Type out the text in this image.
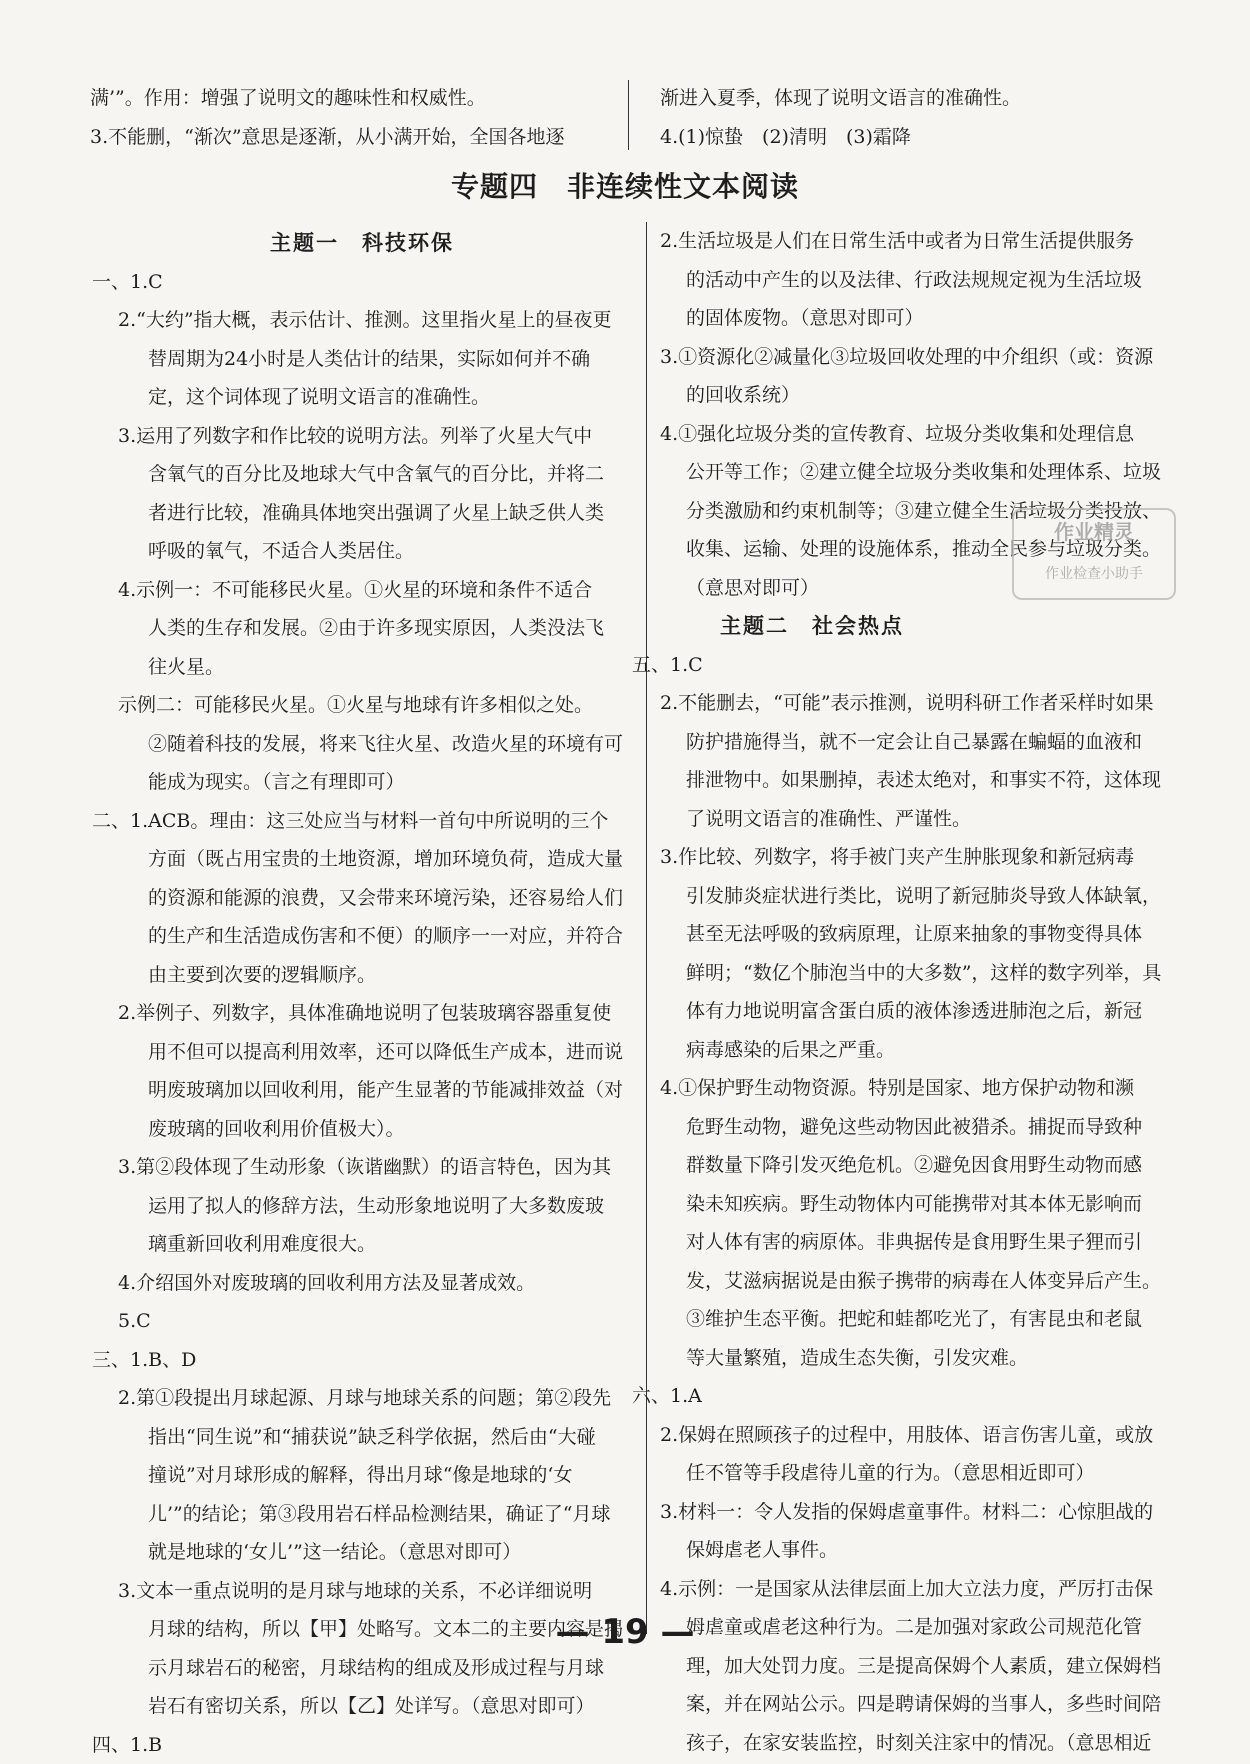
满’”。作用：增强了说明文的趣味性和权威性。

3.不能删，“渐次”意思是逐渐，从小满开始，全国各地逐

渐进入夏季，体现了说明文语言的准确性。

4.(1)惊蛰　(2)清明　(3)霜降

专题四　非连续性文本阅读

主题一　科技环保

一、1.C

2.“大约”指大概，表示估计、推测。这里指火星上的昼夜更

替周期为24小时是人类估计的结果，实际如何并不确

定，这个词体现了说明文语言的准确性。

3.运用了列数字和作比较的说明方法。列举了火星大气中

含氧气的百分比及地球大气中含氧气的百分比，并将二

者进行比较，准确具体地突出强调了火星上缺乏供人类

呼吸的氧气，不适合人类居住。

4.示例一：不可能移民火星。①火星的环境和条件不适合

人类的生存和发展。②由于许多现实原因，人类没法飞

往火星。

示例二：可能移民火星。①火星与地球有许多相似之处。

②随着科技的发展，将来飞往火星、改造火星的环境有可

能成为现实。（言之有理即可）

二、1.ACB。理由：这三处应当与材料一首句中所说明的三个

方面（既占用宝贵的土地资源，增加环境负荷，造成大量

的资源和能源的浪费，又会带来环境污染，还容易给人们

的生产和生活造成伤害和不便）的顺序一一对应，并符合

由主要到次要的逻辑顺序。

2.举例子、列数字，具体准确地说明了包装玻璃容器重复使

用不但可以提高利用效率，还可以降低生产成本，进而说

明废玻璃加以回收利用，能产生显著的节能减排效益（对

废玻璃的回收利用价值极大）。

3.第②段体现了生动形象（诙谐幽默）的语言特色，因为其

运用了拟人的修辞方法，生动形象地说明了大多数废玻

璃重新回收利用难度很大。

4.介绍国外对废玻璃的回收利用方法及显著成效。

5.C

三、1.B、D

2.第①段提出月球起源、月球与地球关系的问题；第②段先

指出“同生说”和“捕获说”缺乏科学依据，然后由“大碰

撞说”对月球形成的解释，得出月球“像是地球的‘女

儿’”的结论；第③段用岩石样品检测结果，确证了“月球

就是地球的‘女儿’”这一结论。（意思对即可）

3.文本一重点说明的是月球与地球的关系，不必详细说明

月球的结构，所以【甲】处略写。文本二的主要内容是揭

示月球岩石的秘密，月球结构的组成及形成过程与月球

岩石有密切关系，所以【乙】处详写。（意思对即可）

四、1.B

2.生活垃圾是人们在日常生活中或者为日常生活提供服务

的活动中产生的以及法律、行政法规规定视为生活垃圾

的固体废物。（意思对即可）

3.①资源化②减量化③垃圾回收处理的中介组织（或：资源

的回收系统）

4.①强化垃圾分类的宣传教育、垃圾分类收集和处理信息

公开等工作；②建立健全垃圾分类收集和处理体系、垃圾

分类激励和约束机制等；③建立健全生活垃圾分类投放、

收集、运输、处理的设施体系，推动全民参与垃圾分类。

（意思对即可）

主题二　社会热点

五、1.C

2.不能删去，“可能”表示推测，说明科研工作者采样时如果

防护措施得当，就不一定会让自己暴露在蝙蝠的血液和

排泄物中。如果删掉，表述太绝对，和事实不符，这体现

了说明文语言的准确性、严谨性。

3.作比较、列数字，将手被门夹产生肿胀现象和新冠病毒

引发肺炎症状进行类比，说明了新冠肺炎导致人体缺氧，

甚至无法呼吸的致病原理，让原来抽象的事物变得具体

鲜明；“数亿个肺泡当中的大多数”，这样的数字列举，具

体有力地说明富含蛋白质的液体渗透进肺泡之后，新冠

病毒感染的后果之严重。

4.①保护野生动物资源。特别是国家、地方保护动物和濒

危野生动物，避免这些动物因此被猎杀。捕捉而导致种

群数量下降引发灭绝危机。②避免因食用野生动物而感

染未知疾病。野生动物体内可能携带对其本体无影响而

对人体有害的病原体。非典据传是食用野生果子狸而引

发，艾滋病据说是由猴子携带的病毒在人体变异后产生。

③维护生态平衡。把蛇和蛙都吃光了，有害昆虫和老鼠

等大量繁殖，造成生态失衡，引发灾难。

六、1.A

2.保姆在照顾孩子的过程中，用肢体、语言伤害儿童，或放

任不管等手段虐待儿童的行为。（意思相近即可）

3.材料一：令人发指的保姆虐童事件。材料二：心惊胆战的

保姆虐老人事件。

4.示例：一是国家从法律层面上加大立法力度，严厉打击保

姆虐童或虐老这种行为。二是加强对家政公司规范化管

理，加大处罚力度。三是提高保姆个人素质，建立保姆档

案，并在网站公示。四是聘请保姆的当事人，多些时间陪

孩子，在家安装监控，时刻关注家中的情况。（意思相近

作业精灵
作业检查小助手
— 19 —
